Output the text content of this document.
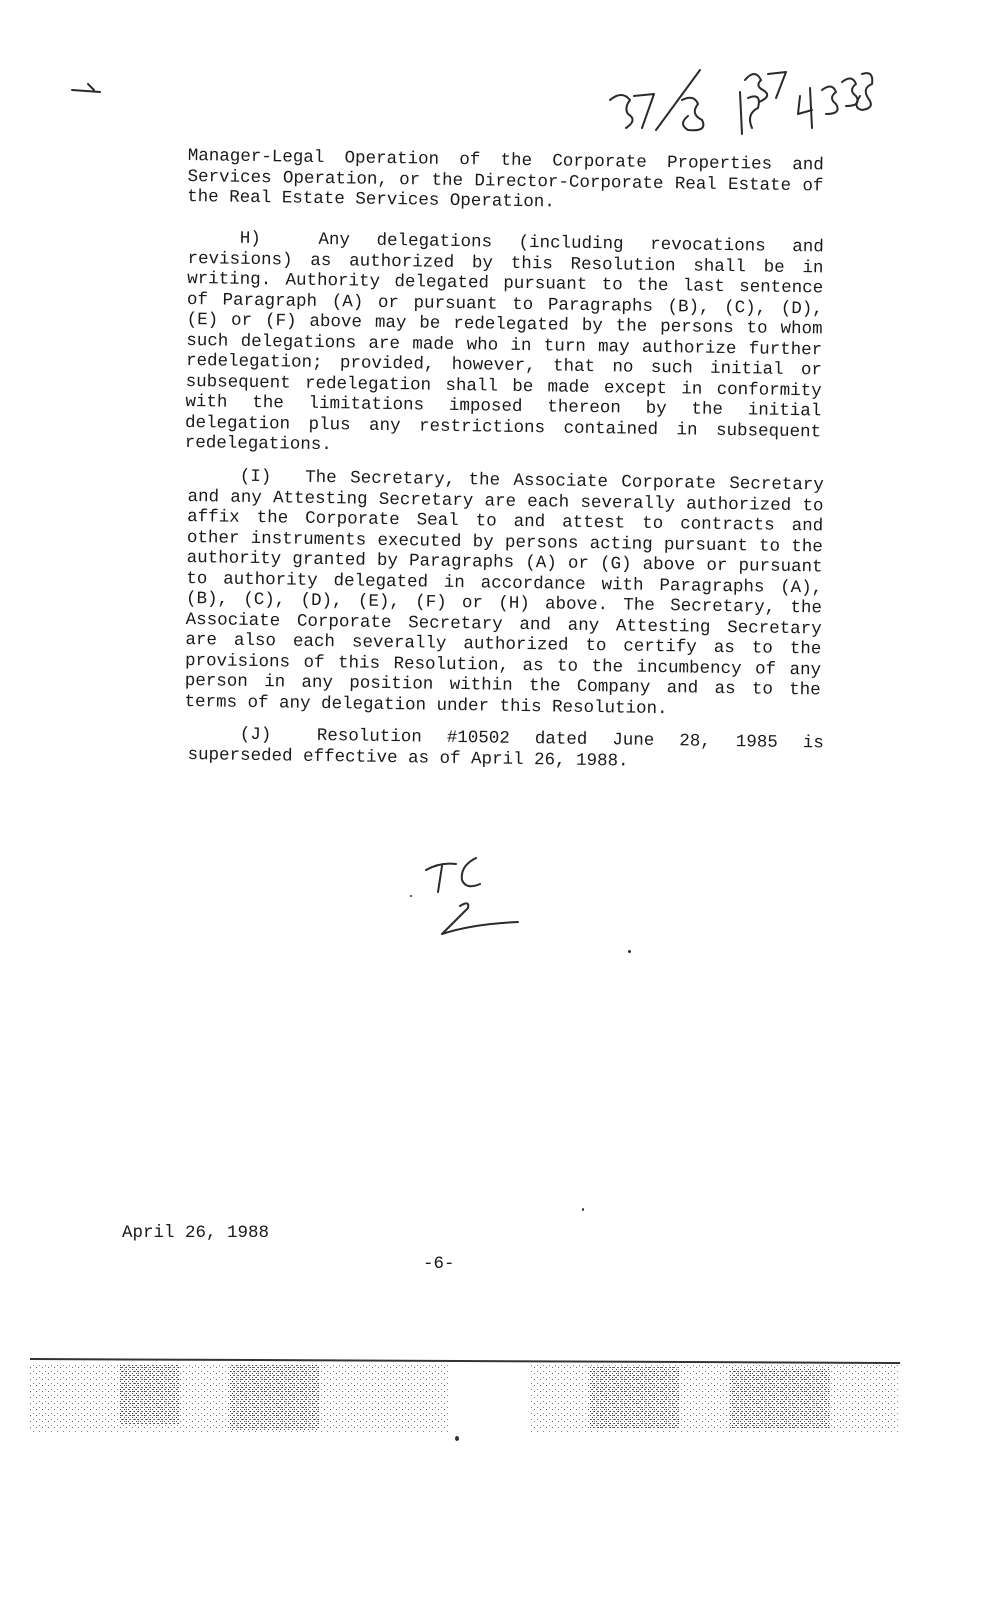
Manager-Legal Operation of the Corporate Properties and Services Operation, or the Director-Corporate Real Estate of the Real Estate Services Operation.

H)	Any delegations (including revocations and revisions) as authorized by this Resolution shall be in writing. Authority delegated pursuant to the last sentence of Paragraph (A) or pursuant to Paragraphs (B), (C), (D), (E) or (F) above may be redelegated by the persons to whom such delegations are made who in turn may authorize further redelegation; provided, however, that no such initial or subsequent redelegation shall be made except in conformity with the limitations imposed thereon by the initial delegation plus any restrictions contained in subsequent redelegations.

(I) The Secretary, the Associate Corporate Secretary and any Attesting Secretary are each severally authorized to affix the Corporate Seal to and attest to contracts and other instruments executed by persons acting pursuant to the authority granted by Paragraphs (A) or (G) above or pursuant to authority delegated in accordance with Paragraphs (A), (B), (C), (D), (E), (F) or (H) above. The Secretary, the Associate Corporate Secretary and any Attesting Secretary are also each severally authorized to certify as to the provisions of this Resolution, as to the incumbency of any person in any position within the Company and as to the terms of any delegation under this Resolution.

(J)	Resolution #10502 dated June 28, 1985 is superseded effective as of April 26, 1988.

April 26, 1988
-6-
